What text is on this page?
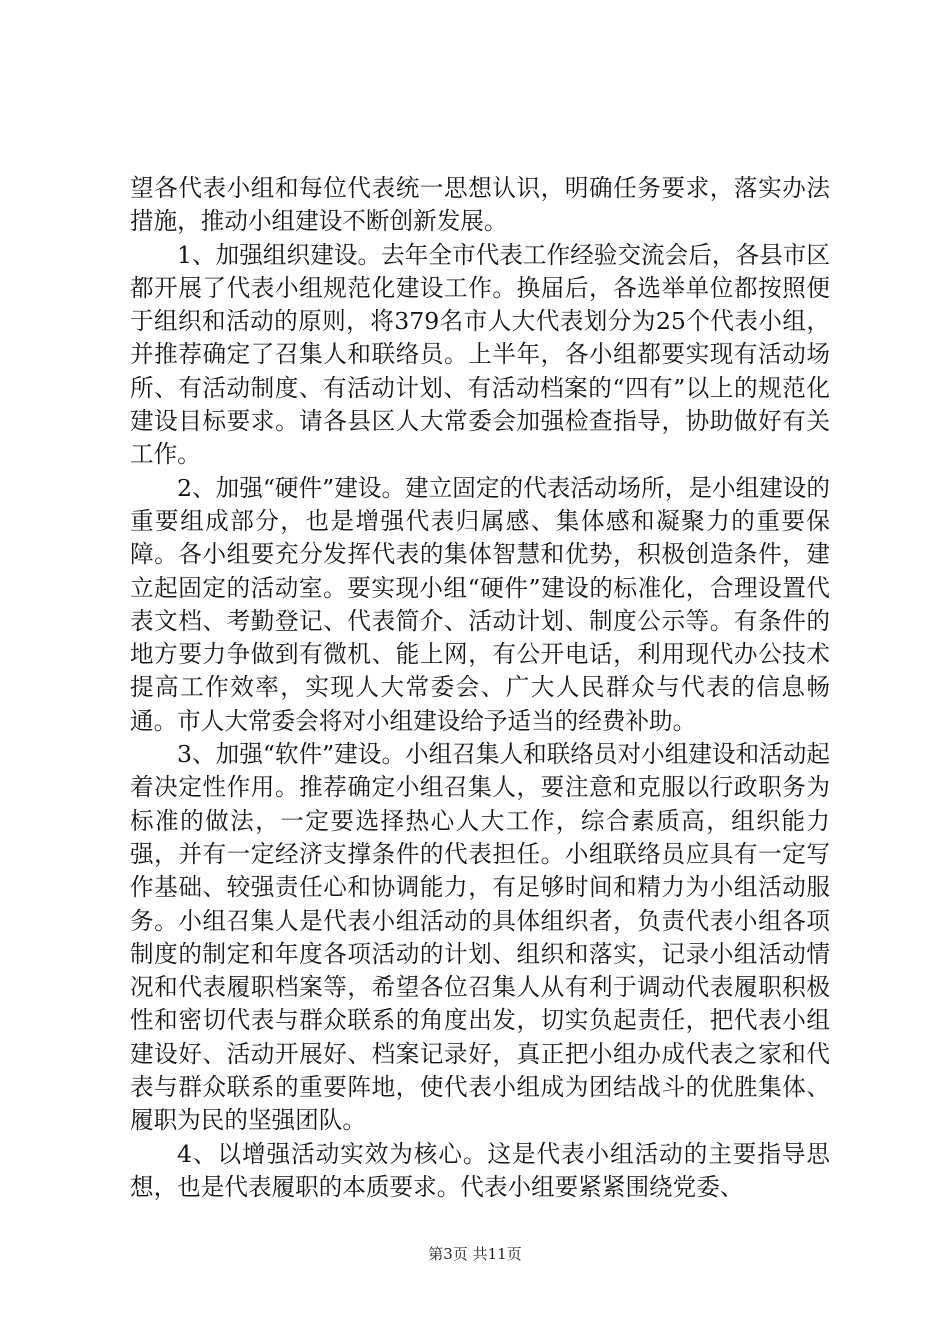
望各代表小组和每位代表统一思想认识，明确任务要求，落实办法措施，推动小组建设不断创新发展。

1、加强组织建设。去年全市代表工作经验交流会后，各县市区都开展了代表小组规范化建设工作。换届后，各选举单位都按照便于组织和活动的原则，将379名市人大代表划分为25个代表小组，并推荐确定了召集人和联络员。上半年，各小组都要实现有活动场所、有活动制度、有活动计划、有活动档案的“四有”以上的规范化建设目标要求。请各县区人大常委会加强检查指导，协助做好有关工作。

2、加强“硬件”建设。建立固定的代表活动场所，是小组建设的重要组成部分，也是增强代表归属感、集体感和凝聚力的重要保障。各小组要充分发挥代表的集体智慧和优势，积极创造条件，建立起固定的活动室。要实现小组“硬件”建设的标准化，合理设置代表文档、考勤登记、代表简介、活动计划、制度公示等。有条件的地方要力争做到有微机、能上网，有公开电话，利用现代办公技术提高工作效率，实现人大常委会、广大人民群众与代表的信息畅通。市人大常委会将对小组建设给予适当的经费补助。

3、加强“软件”建设。小组召集人和联络员对小组建设和活动起着决定性作用。推荐确定小组召集人，要注意和克服以行政职务为标准的做法，一定要选择热心人大工作，综合素质高，组织能力强，并有一定经济支撑条件的代表担任。小组联络员应具有一定写作基础、较强责任心和协调能力，有足够时间和精力为小组活动服务。小组召集人是代表小组活动的具体组织者，负责代表小组各项制度的制定和年度各项活动的计划、组织和落实，记录小组活动情况和代表履职档案等，希望各位召集人从有利于调动代表履职积极性和密切代表与群众联系的角度出发，切实负起责任，把代表小组建设好、活动开展好、档案记录好，真正把小组办成代表之家和代表与群众联系的重要阵地，使代表小组成为团结战斗的优胜集体、履职为民的坚强团队。

4、以增强活动实效为核心。这是代表小组活动的主要指导思想，也是代表履职的本质要求。代表小组要紧紧围绕党委、

第3页 共11页
